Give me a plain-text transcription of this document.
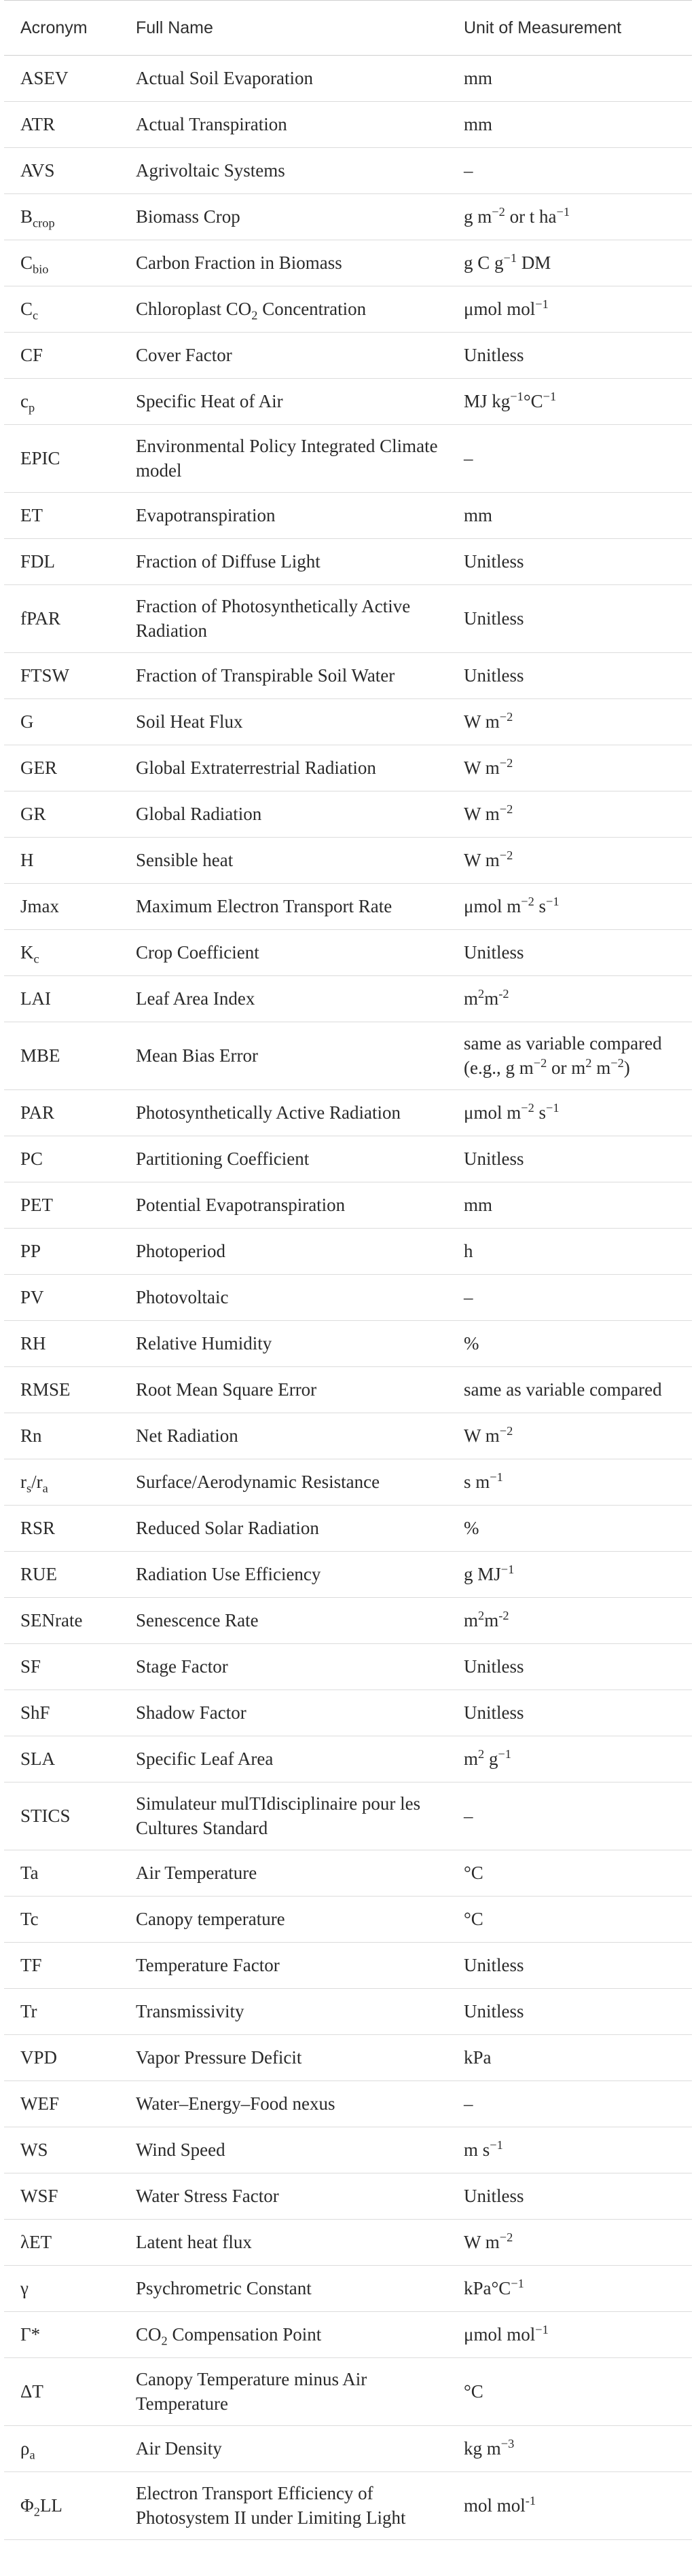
Acronym	Full Name	Unit of Measurement
ASEV	Actual Soil Evaporation	mm
ATR	Actual Transpiration	mm
AVS	Agrivoltaic Systems	–
$B_{crop}$	Biomass Crop	g $m^{-2}$ or t $ha^{-1}$
$C_{bio}$	Carbon Fraction in Biomass	g C $g^{-1}$ DM
$C_c$	Chloroplast $CO_2$ Concentration	μmol mol$^{-1}$
CF	Cover Factor	Unitless
$c_p$	Specific Heat of Air	MJ $kg^{-1}^\circ C^{-1}$
EPIC	Environmental Policy Integrated Climate model	–
ET	Evapotranspiration	mm
FDL	Fraction of Diffuse Light	Unitless
fPAR	Fraction of Photosynthetically Active Radiation	Unitless
FTSW	Fraction of Transpirable Soil Water	Unitless
G	Soil Heat Flux	W $m^{-2}$
GER	Global Extraterrestrial Radiation	W $m^{-2}$
GR	Global Radiation	W $m^{-2}$
H	Sensible heat	W $m^{-2}$
Jmax	Maximum Electron Transport Rate	μmol $m^{-2}$ $s^{-1}$
$K_c$	Crop Coefficient	Unitless
LAI	Leaf Area Index	$m^2m^{-2}$
MBE	Mean Bias Error	same as variable compared (e.g., g $m^{-2}$ or $m^2$ $m^{-2}$)
PAR	Photosynthetically Active Radiation	μmol $m^{-2}$ $s^{-1}$
PC	Partitioning Coefficient	Unitless
PET	Potential Evapotranspiration	mm
PP	Photoperiod	h
PV	Photovoltaic	–
RH	Relative Humidity	%
RMSE	Root Mean Square Error	same as variable compared
Rn	Net Radiation	W $m^{-2}$
$r_s/r_a$	Surface/Aerodynamic Resistance	s $m^{-1}$
RSR	Reduced Solar Radiation	%
RUE	Radiation Use Efficiency	g $MJ^{-1}$
SENrate	Senescence Rate	$m^2m^{-2}$
SF	Stage Factor	Unitless
ShF	Shadow Factor	Unitless
SLA	Specific Leaf Area	$m^2$ $g^{-1}$
STICS	Simulateur mulTIdisciplinaire pour les Cultures Standard	–
Ta	Air Temperature	°C
Tc	Canopy temperature	°C
TF	Temperature Factor	Unitless
Tr	Transmissivity	Unitless
VPD	Vapor Pressure Deficit	kPa
WEF	Water–Energy–Food nexus	–
WS	Wind Speed	m $s^{-1}$
WSF	Water Stress Factor	Unitless
λET	Latent heat flux	W $m^{-2}$
γ	Psychrometric Constant	$kPa^\circ C^{-1}$
Γ*	$CO_2$ Compensation Point	μmol mol$^{-1}$
ΔT	Canopy Temperature minus Air Temperature	°C
$\rho_a$	Air Density	kg $m^{-3}$
$\Phi_2LL$	Electron Transport Efficiency of Photosystem II under Limiting Light	mol mol$^{-1}$
